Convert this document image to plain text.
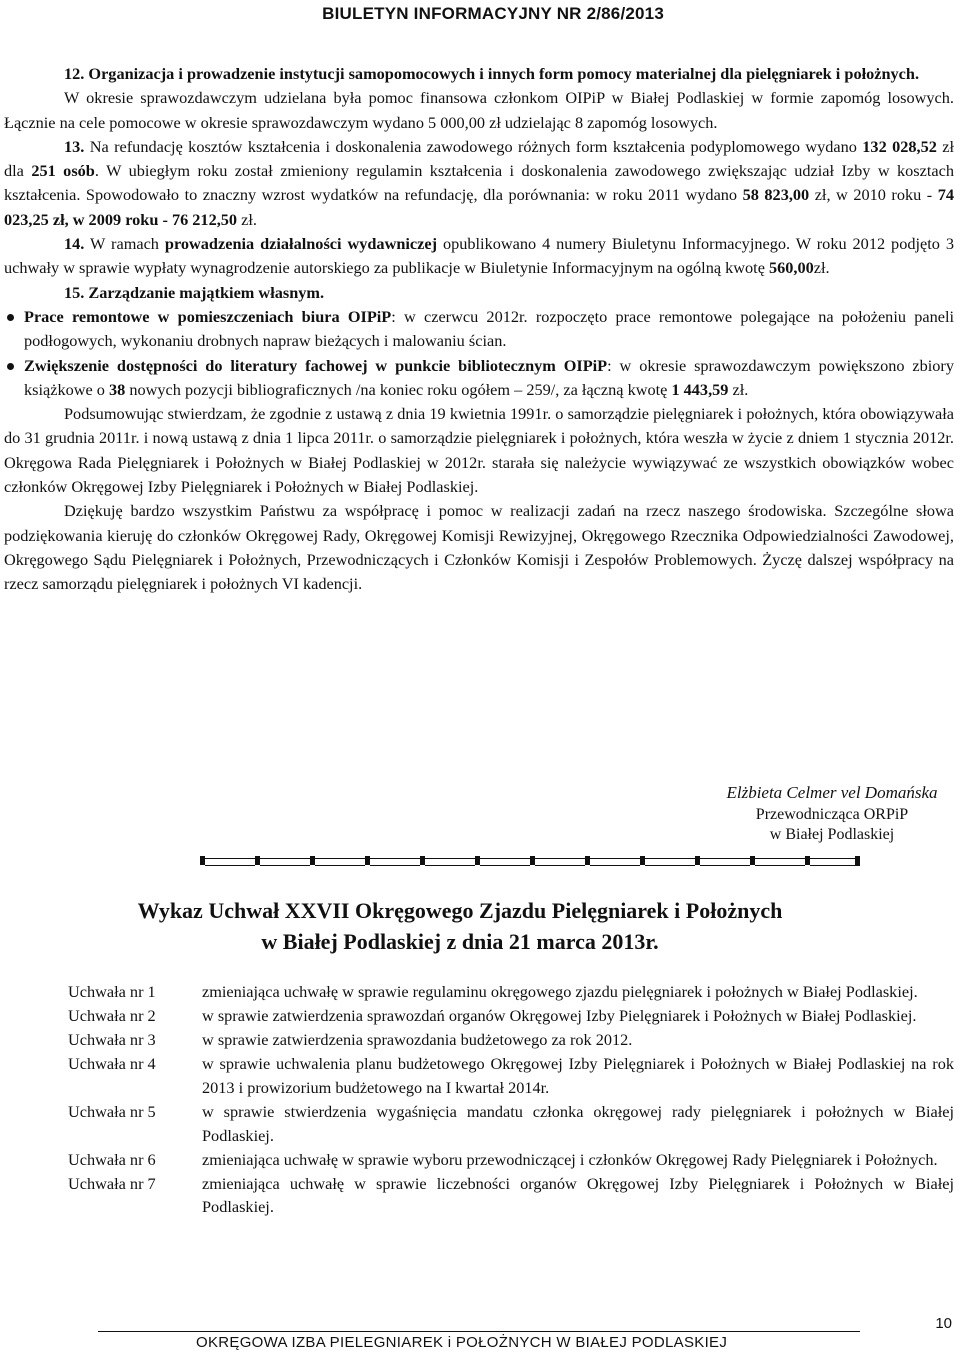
BIULETYN INFORMACYJNY NR 2/86/2013

12. Organizacja i prowadzenie instytucji samopomocowych i innych form pomocy materialnej dla pielęgniarek i położnych.

W okresie sprawozdawczym udzielana była pomoc finansowa członkom OIPiP w Białej Podlaskiej w formie zapomóg losowych. Łącznie na cele pomocowe w okresie sprawozdawczym wydano 5 000,00 zł udzielając 8 zapomóg losowych.

13. Na refundację kosztów kształcenia i doskonalenia zawodowego różnych form kształcenia podyplomowego wydano 132 028,52 zł dla 251 osób. W ubiegłym roku został zmieniony regulamin kształcenia i doskonalenia zawodowego zwiększając udział Izby w kosztach kształcenia. Spowodowało to znaczny wzrost wydatków na refundację, dla porównania: w roku 2011 wydano 58 823,00 zł, w 2010 roku - 74 023,25 zł, w 2009 roku - 76 212,50 zł.

14. W ramach prowadzenia działalności wydawniczej opublikowano 4 numery Biuletynu Informacyjnego. W roku 2012 podjęto 3 uchwały w sprawie wypłaty wynagrodzenie autorskiego za publikacje w Biuletynie Informacyjnym na ogólną kwotę 560,00zł.

15. Zarządzanie majątkiem własnym.

Prace remontowe w pomieszczeniach biura OIPiP: w czerwcu 2012r. rozpoczęto prace remontowe polegające na położeniu paneli podłogowych, wykonaniu drobnych napraw bieżących i malowaniu ścian.
Zwiększenie dostępności do literatury fachowej w punkcie bibliotecznym OIPiP: w okresie sprawozdawczym powiększono zbiory książkowe o 38 nowych pozycji bibliograficznych /na koniec roku ogółem – 259/, za łączną kwotę 1 443,59 zł.

Podsumowując stwierdzam, że zgodnie z ustawą z dnia 19 kwietnia 1991r. o samorządzie pielęgniarek i położnych, która obowiązywała do 31 grudnia 2011r. i nową ustawą z dnia 1 lipca 2011r. o samorządzie pielęgniarek i położnych, która weszła w życie z dniem 1 stycznia 2012r. Okręgowa Rada Pielęgniarek i Położnych w Białej Podlaskiej w 2012r. starała się należycie wywiązywać ze wszystkich obowiązków wobec członków Okręgowej Izby Pielęgniarek i Położnych w Białej Podlaskiej.

Dziękuję bardzo wszystkim Państwu za współpracę i pomoc w realizacji zadań na rzecz naszego środowiska. Szczególne słowa podziękowania kieruję do członków Okręgowej Rady, Okręgowej Komisji Rewizyjnej, Okręgowego Rzecznika Odpowiedzialności Zawodowej, Okręgowego Sądu Pielęgniarek i Położnych, Przewodniczących i Członków Komisji i Zespołów Problemowych. Życzę dalszej współpracy na rzecz samorządu pielęgniarek i położnych VI kadencji.

Elżbieta Celmer vel Domańska
Przewodnicząca ORPiP
w Białej Podlaskiej
Wykaz Uchwał XXVII Okręgowego Zjazdu Pielęgniarek i Położnych
w Białej Podlaskiej z dnia 21 marca 2013r.
Uchwała nr 1	zmieniająca uchwałę w sprawie regulaminu okręgowego zjazdu pielęgniarek i położnych w Białej Podlaskiej.
Uchwała nr 2	w sprawie zatwierdzenia sprawozdań organów Okręgowej Izby Pielęgniarek i Położnych w Białej Podlaskiej.
Uchwała nr 3	w sprawie zatwierdzenia sprawozdania budżetowego za rok 2012.
Uchwała nr 4	w sprawie uchwalenia planu budżetowego Okręgowej Izby Pielęgniarek i Położnych w Białej Podlaskiej na rok 2013 i prowizorium budżetowego na I kwartał 2014r.
Uchwała nr 5	w sprawie stwierdzenia wygaśnięcia mandatu członka okręgowej rady pielęgniarek i położnych w Białej Podlaskiej.
Uchwała nr 6	zmieniająca uchwałę w sprawie wyboru przewodniczącej i członków Okręgowej Rady Pielęgniarek i Położnych.
Uchwała nr 7	zmieniająca uchwałę w sprawie liczebności organów Okręgowej Izby Pielęgniarek i Położnych w Białej Podlaskiej.
10
OKRĘGOWA IZBA PIELEGNIAREK i POŁOŻNYCH W BIAŁEJ PODLASKIEJ
